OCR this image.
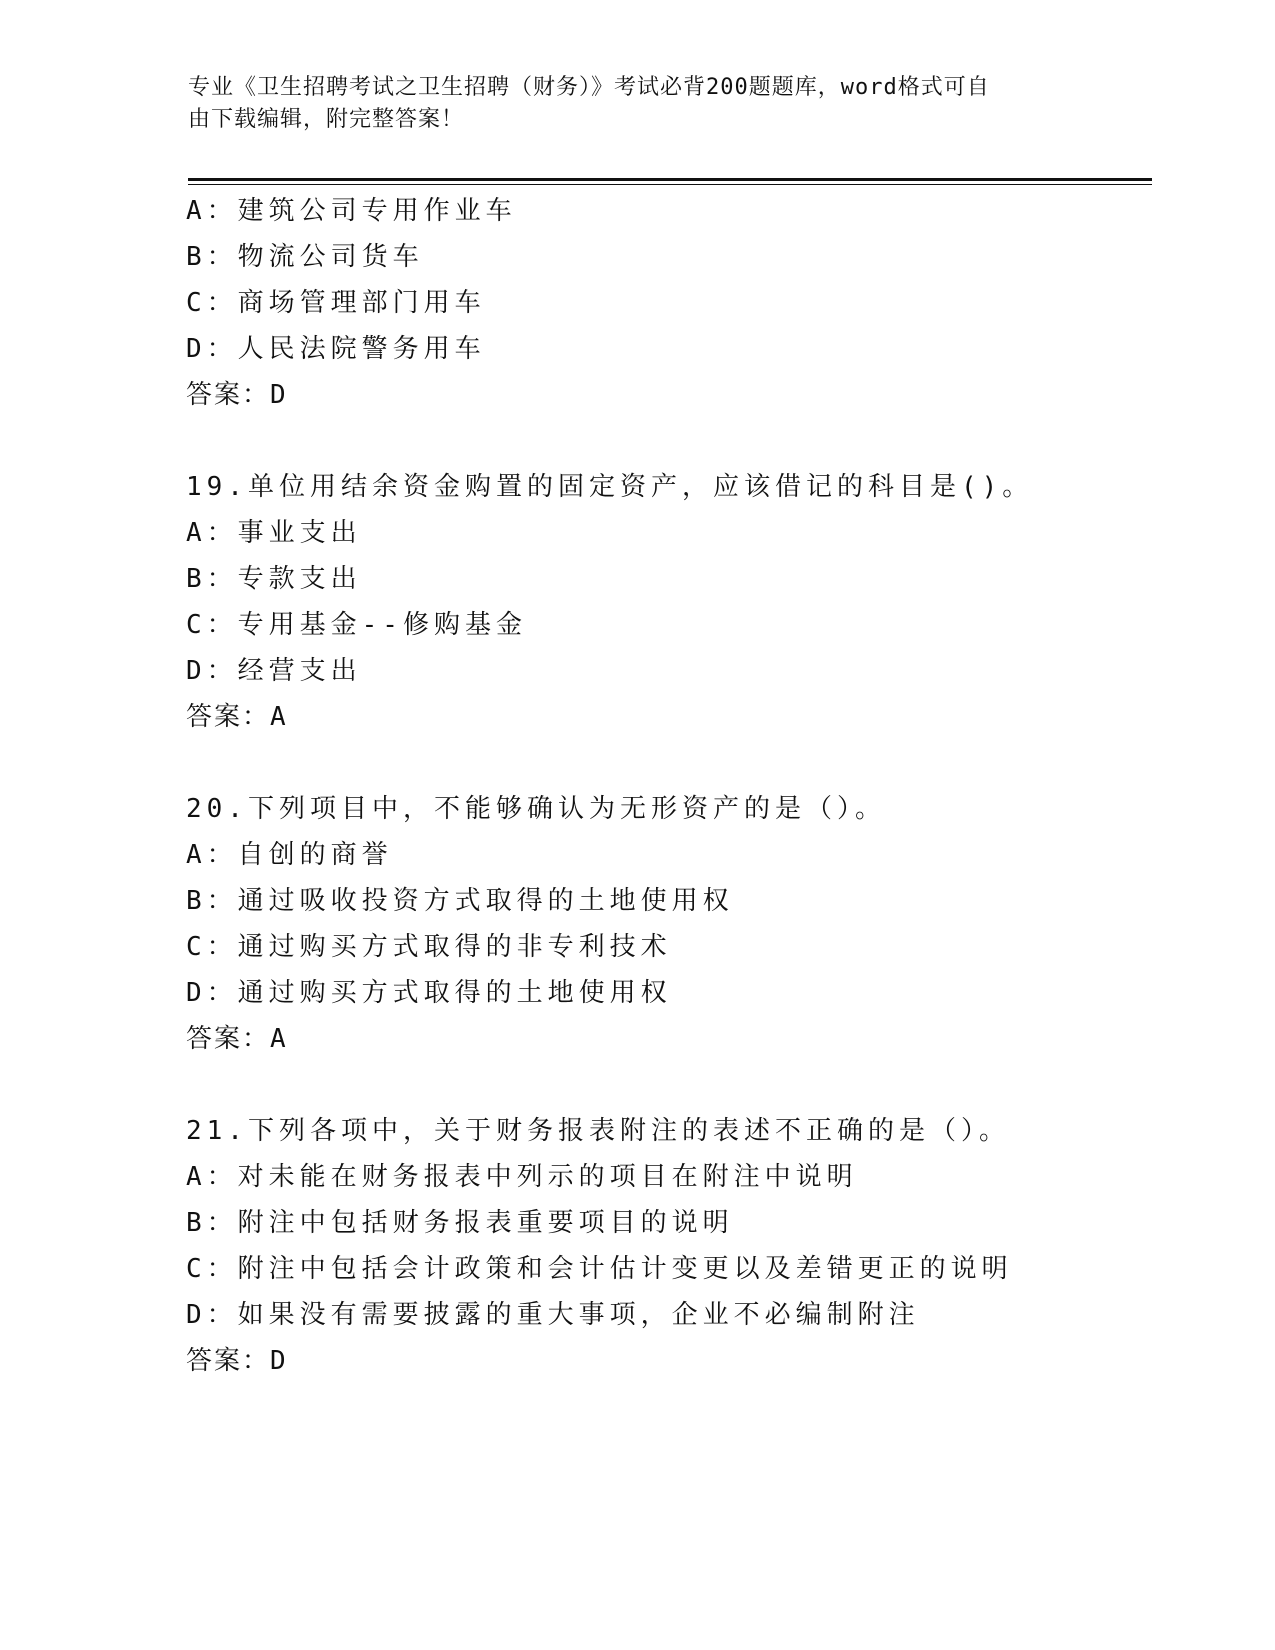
专业《卫生招聘考试之卫生招聘（财务）》考试必背200题题库，word格式可自
由下载编辑，附完整答案！
A：建筑公司专用作业车
B：物流公司货车
C：商场管理部门用车
D：人民法院警务用车
答案：D
19.单位用结余资金购置的固定资产，应该借记的科目是()。
A：事业支出
B：专款支出
C：专用基金--修购基金
D：经营支出
答案：A
20.下列项目中，不能够确认为无形资产的是（）。
A：自创的商誉
B：通过吸收投资方式取得的土地使用权
C：通过购买方式取得的非专利技术
D：通过购买方式取得的土地使用权
答案：A
21.下列各项中，关于财务报表附注的表述不正确的是（）。
A：对未能在财务报表中列示的项目在附注中说明
B：附注中包括财务报表重要项目的说明
C：附注中包括会计政策和会计估计变更以及差错更正的说明
D：如果没有需要披露的重大事项，企业不必编制附注
答案：D
